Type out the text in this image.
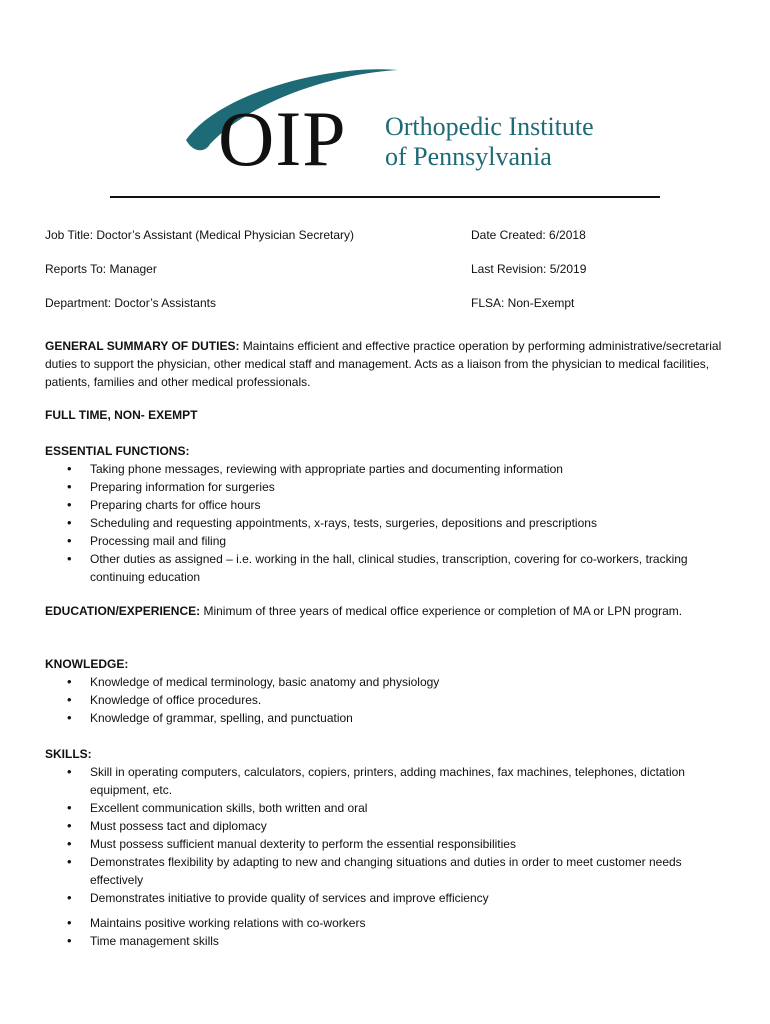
OIP Orthopedic Institute
of Pennsylvania
Job Title: Doctor’s Assistant (Medical Physician Secretary)	Date Created: 6/2018
Reports To: Manager	Last Revision: 5/2019
Department: Doctor’s Assistants	FLSA: Non-Exempt
GENERAL SUMMARY OF DUTIES: Maintains efficient and effective practice operation by performing administrative/secretarial duties to support the physician, other medical staff and management. Acts as a liaison from the physician to medical facilities, patients, families and other medical professionals.
FULL TIME, NON- EXEMPT
ESSENTIAL FUNCTIONS:
• Taking phone messages, reviewing with appropriate parties and documenting information
• Preparing information for surgeries
• Preparing charts for office hours
• Scheduling and requesting appointments, x-rays, tests, surgeries, depositions and prescriptions
• Processing mail and filing
• Other duties as assigned – i.e. working in the hall, clinical studies, transcription, covering for co-workers, tracking continuing education
EDUCATION/EXPERIENCE: Minimum of three years of medical office experience or completion of MA or LPN program.
KNOWLEDGE:
• Knowledge of medical terminology, basic anatomy and physiology
• Knowledge of office procedures.
• Knowledge of grammar, spelling, and punctuation
SKILLS:
• Skill in operating computers, calculators, copiers, printers, adding machines, fax machines, telephones, dictation equipment, etc.
• Excellent communication skills, both written and oral
• Must possess tact and diplomacy
• Must possess sufficient manual dexterity to perform the essential responsibilities
• Demonstrates flexibility by adapting to new and changing situations and duties in order to meet customer needs effectively
• Demonstrates initiative to provide quality of services and improve efficiency
• Maintains positive working relations with co-workers
• Time management skills
